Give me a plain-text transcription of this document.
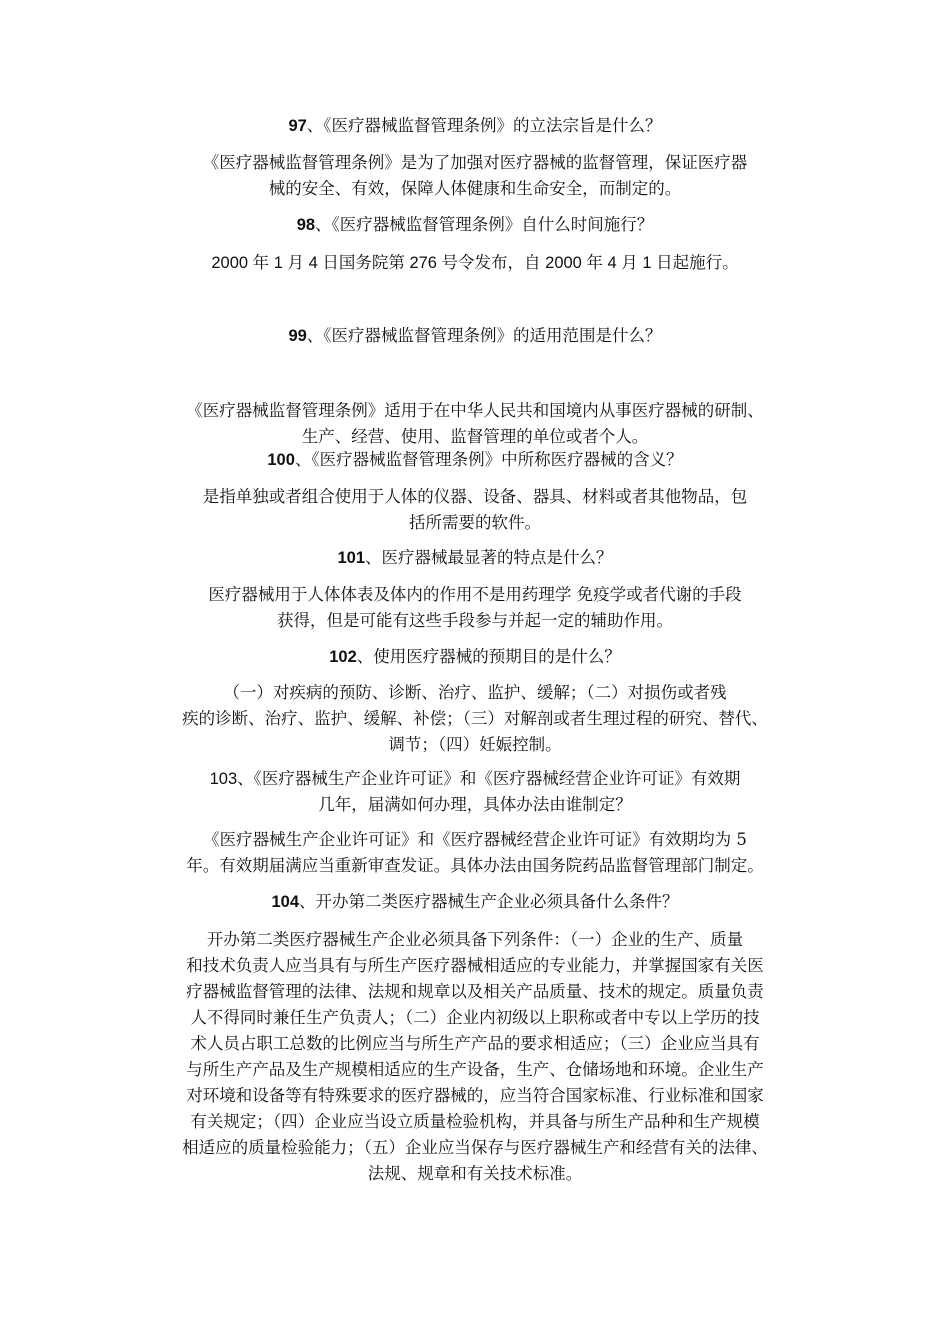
97、《医疗器械监督管理条例》的立法宗旨是什么？
《医疗器械监督管理条例》是为了加强对医疗器械的监督管理，保证医疗器
械的安全、有效，保障人体健康和生命安全，而制定的。
98、《医疗器械监督管理条例》自什么时间施行？
2000 年 1 月 4 日国务院第 276 号令发布，自 2000 年 4 月 1 日起施行。
99、《医疗器械监督管理条例》的适用范围是什么？
《医疗器械监督管理条例》适用于在中华人民共和国境内从事医疗器械的研制、
生产、经营、使用、监督管理的单位或者个人。
100、《医疗器械监督管理条例》中所称医疗器械的含义？
是指单独或者组合使用于人体的仪器、设备、器具、材料或者其他物品，包
括所需要的软件。
101、医疗器械最显著的特点是什么？
医疗器械用于人体体表及体内的作用不是用药理学 免疫学或者代谢的手段
获得，但是可能有这些手段参与并起一定的辅助作用。
102、使用医疗器械的预期目的是什么？
（一）对疾病的预防、诊断、治疗、监护、缓解；（二）对损伤或者残
疾的诊断、治疗、监护、缓解、补偿；（三）对解剖或者生理过程的研究、替代、
调节；（四）妊娠控制。
103、《医疗器械生产企业许可证》和《医疗器械经营企业许可证》有效期
几年，届满如何办理，具体办法由谁制定？
《医疗器械生产企业许可证》和《医疗器械经营企业许可证》有效期均为 5
年。有效期届满应当重新审查发证。具体办法由国务院药品监督管理部门制定。
104、开办第二类医疗器械生产企业必须具备什么条件？
开办第二类医疗器械生产企业必须具备下列条件：（一）企业的生产、质量
和技术负责人应当具有与所生产医疗器械相适应的专业能力，并掌握国家有关医
疗器械监督管理的法律、法规和规章以及相关产品质量、技术的规定。质量负责
人不得同时兼任生产负责人；（二）企业内初级以上职称或者中专以上学历的技
术人员占职工总数的比例应当与所生产产品的要求相适应；（三）企业应当具有
与所生产产品及生产规模相适应的生产设备，生产、仓储场地和环境。企业生产
对环境和设备等有特殊要求的医疗器械的，应当符合国家标准、行业标准和国家
有关规定；（四）企业应当设立质量检验机构，并具备与所生产品种和生产规模
相适应的质量检验能力；（五）企业应当保存与医疗器械生产和经营有关的法律、
法规、规章和有关技术标准。
